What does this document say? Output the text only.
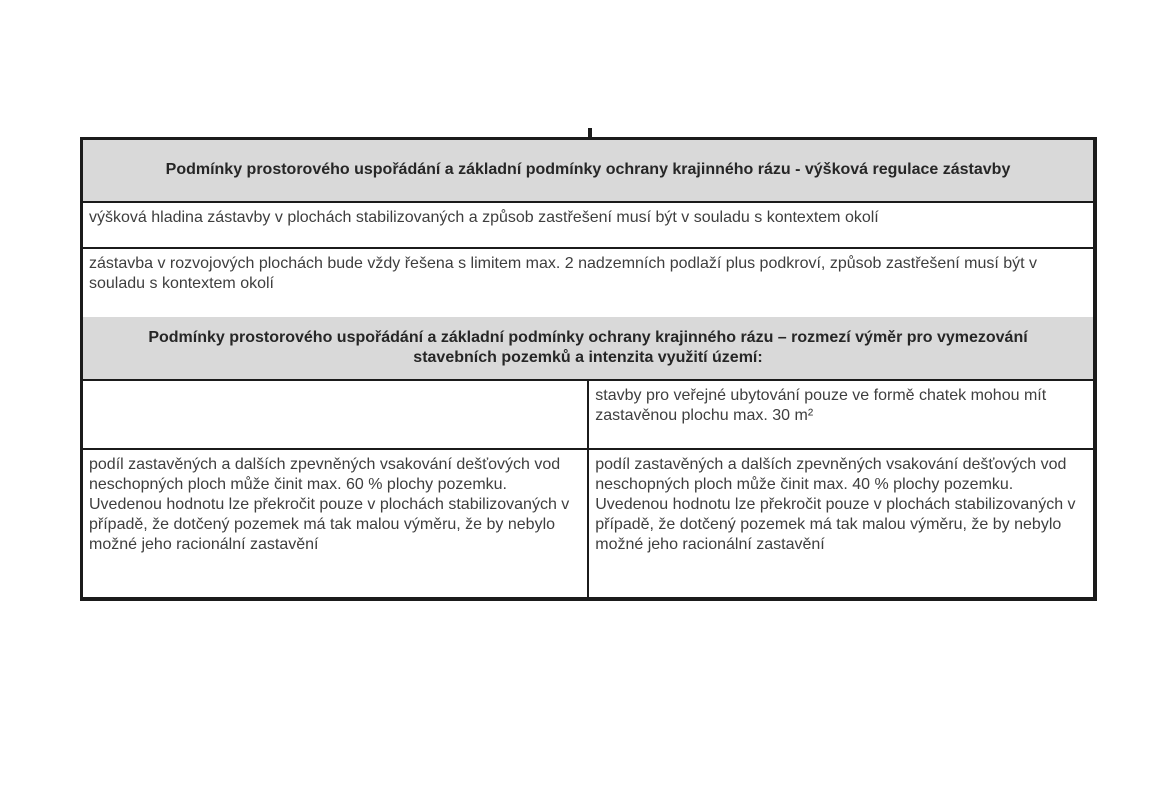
Podmínky prostorového uspořádání a základní podmínky ochrany krajinného rázu - výšková regulace zástavby	
výšková hladina zástavby v plochách stabilizovaných a způsob zastřešení musí být v souladu s kontextem okolí	
zástavba v rozvojových plochách bude vždy řešena s limitem max. 2 nadzemních podlaží plus podkroví, způsob zastřešení musí být v souladu s kontextem okolí	
Podmínky prostorového uspořádání a základní podmínky ochrany krajinného rázu – rozmezí výměr pro vymezování stavebních pozemků a intenzita využití území:	
	stavby pro veřejné ubytování pouze ve formě chatek mohou mít zastavěnou plochu max. 30 m²
podíl zastavěných a dalších zpevněných vsakování dešťových vod neschopných ploch může činit max. 60 % plochy pozemku. Uvedenou hodnotu lze překročit pouze v plochách stabilizovaných v případě, že dotčený pozemek má tak malou výměru, že by nebylo možné jeho racionální zastavění	podíl zastavěných a dalších zpevněných vsakování dešťových vod neschopných ploch může činit max. 40 % plochy pozemku. Uvedenou hodnotu lze překročit pouze v plochách stabilizovaných v případě, že dotčený pozemek má tak malou výměru, že by nebylo možné jeho racionální zastavění
